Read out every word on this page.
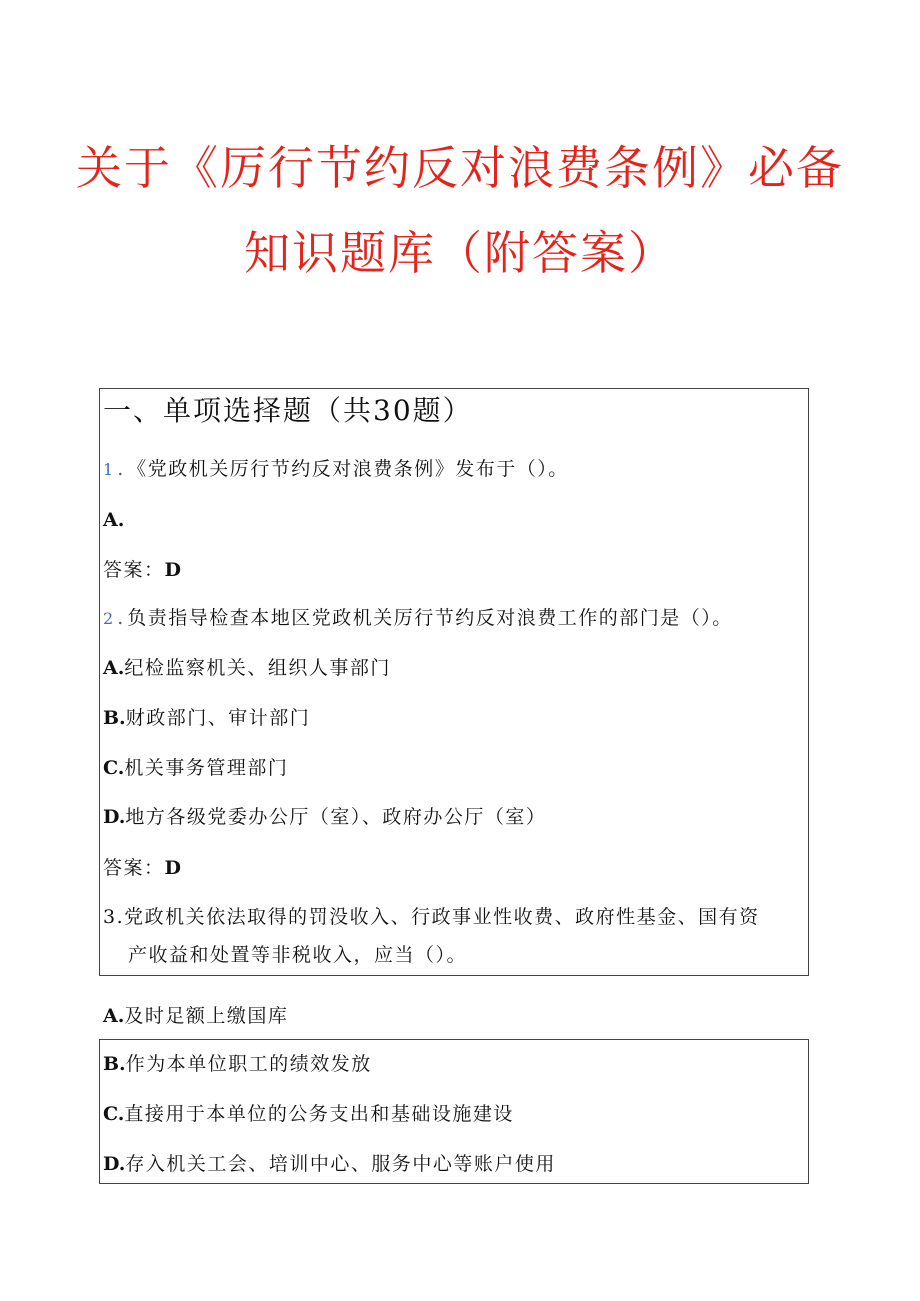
关于《厉行节约反对浪费条例》必备
知识题库（附答案）
一、单项选择题（共30题）
1 . 《党政机关厉行节约反对浪费条例》发布于（）。
A.
答案：D
2 . 负责指导检查本地区党政机关厉行节约反对浪费工作的部门是（）。
A.纪检监察机关、组织人事部门
B.财政部门、审计部门
C.机关事务管理部门
D.地方各级党委办公厅（室）、政府办公厅（室）
答案：D
3.党政机关依法取得的罚没收入、行政事业性收费、政府性基金、国有资
产收益和处置等非税收入，应当（）。
A.及时足额上缴国库
B.作为本单位职工的绩效发放
C.直接用于本单位的公务支出和基础设施建设
D.存入机关工会、培训中心、服务中心等账户使用
